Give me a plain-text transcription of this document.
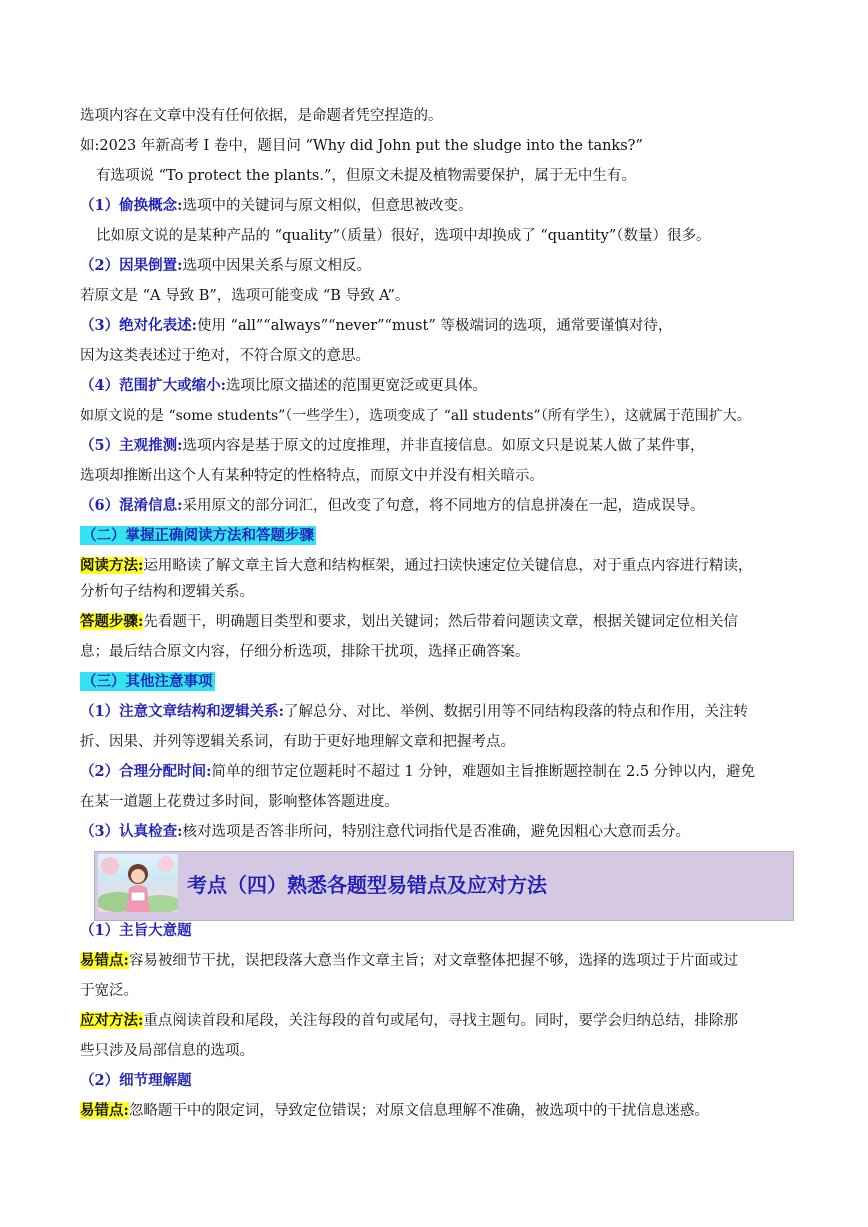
选项内容在文章中没有任何依据，是命题者凭空捏造的。
如:2023 年新高考 I 卷中，题目问 “Why did John put the sludge into the tanks?”
有选项说 “To protect the plants.”，但原文未提及植物需要保护，属于无中生有。
（1）偷换概念:选项中的关键词与原文相似，但意思被改变。
比如原文说的是某种产品的 “quality”（质量）很好，选项中却换成了 “quantity”（数量）很多。
（2）因果倒置:选项中因果关系与原文相反。
若原文是 “A 导致 B”，选项可能变成 “B 导致 A”。
（3）绝对化表述:使用 “all”“always”“never”“must” 等极端词的选项，通常要谨慎对待，
因为这类表述过于绝对，不符合原文的意思。
（4）范围扩大或缩小:选项比原文描述的范围更宽泛或更具体。
如原文说的是 “some students”（一些学生），选项变成了 “all students”（所有学生），这就属于范围扩大。
（5）主观推测:选项内容是基于原文的过度推理，并非直接信息。如原文只是说某人做了某件事，
选项却推断出这个人有某种特定的性格特点，而原文中并没有相关暗示。
（6）混淆信息:采用原文的部分词汇，但改变了句意，将不同地方的信息拼凑在一起，造成误导。
（二）掌握正确阅读方法和答题步骤
阅读方法:运用略读了解文章主旨大意和结构框架，通过扫读快速定位关键信息，对于重点内容进行精读，
分析句子结构和逻辑关系。
答题步骤:先看题干，明确题目类型和要求，划出关键词；然后带着问题读文章，根据关键词定位相关信
息；最后结合原文内容，仔细分析选项，排除干扰项，选择正确答案。
（三）其他注意事项
（1）注意文章结构和逻辑关系:了解总分、对比、举例、数据引用等不同结构段落的特点和作用，关注转
折、因果、并列等逻辑关系词，有助于更好地理解文章和把握考点。
（2）合理分配时间:简单的细节定位题耗时不超过 1 分钟，难题如主旨推断题控制在 2.5 分钟以内，避免
在某一道题上花费过多时间，影响整体答题进度。
（3）认真检查:核对选项是否答非所问，特别注意代词指代是否准确，避免因粗心大意而丢分。
考点（四）熟悉各题型易错点及应对方法
（1）主旨大意题
易错点:容易被细节干扰，误把段落大意当作文章主旨；对文章整体把握不够，选择的选项过于片面或过
于宽泛。
应对方法:重点阅读首段和尾段，关注每段的首句或尾句，寻找主题句。同时，要学会归纳总结，排除那
些只涉及局部信息的选项。
（2）细节理解题
易错点:忽略题干中的限定词，导致定位错误；对原文信息理解不准确，被选项中的干扰信息迷惑。
